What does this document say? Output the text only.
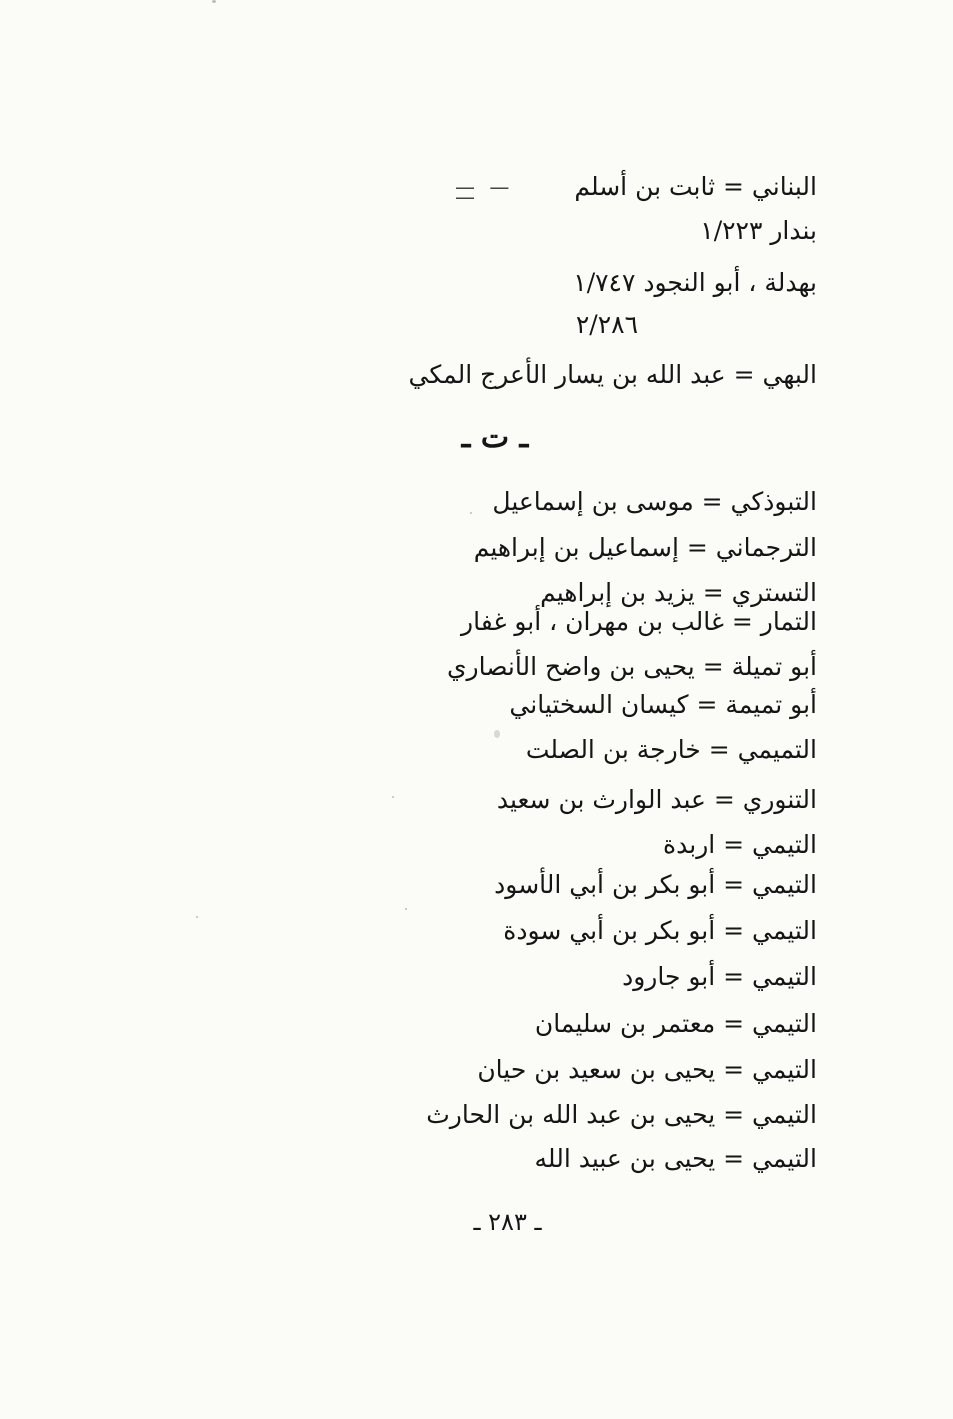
— — —	البناني = ثابت بن أسلم
بندار ١/٢٢٣
بهدلة ، أبو النجود ١/٧٤٧
٢/٢٨٦
البهي = عبد الله بن يسار الأعرج المكي
ـ ت ـ
التبوذكي = موسى بن إسماعيل
الترجماني = إسماعيل بن إبراهيم
التستري = يزيد بن إبراهيم
التمار = غالب بن مهران ، أبو غفار
أبو تميلة = يحيى بن واضح الأنصاري
أبو تميمة = كيسان السختياني
التميمي = خارجة بن الصلت
التنوري = عبد الوارث بن سعيد
التيمي = اربدة
التيمي = أبو بكر بن أبي الأسود
التيمي = أبو بكر بن أبي سودة
التيمي = أبو جارود
التيمي = معتمر بن سليمان
التيمي = يحيى بن سعيد بن حيان
التيمي = يحيى بن عبد الله بن الحارث
التيمي = يحيى بن عبيد الله
ـ ٢٨٣ ـ
